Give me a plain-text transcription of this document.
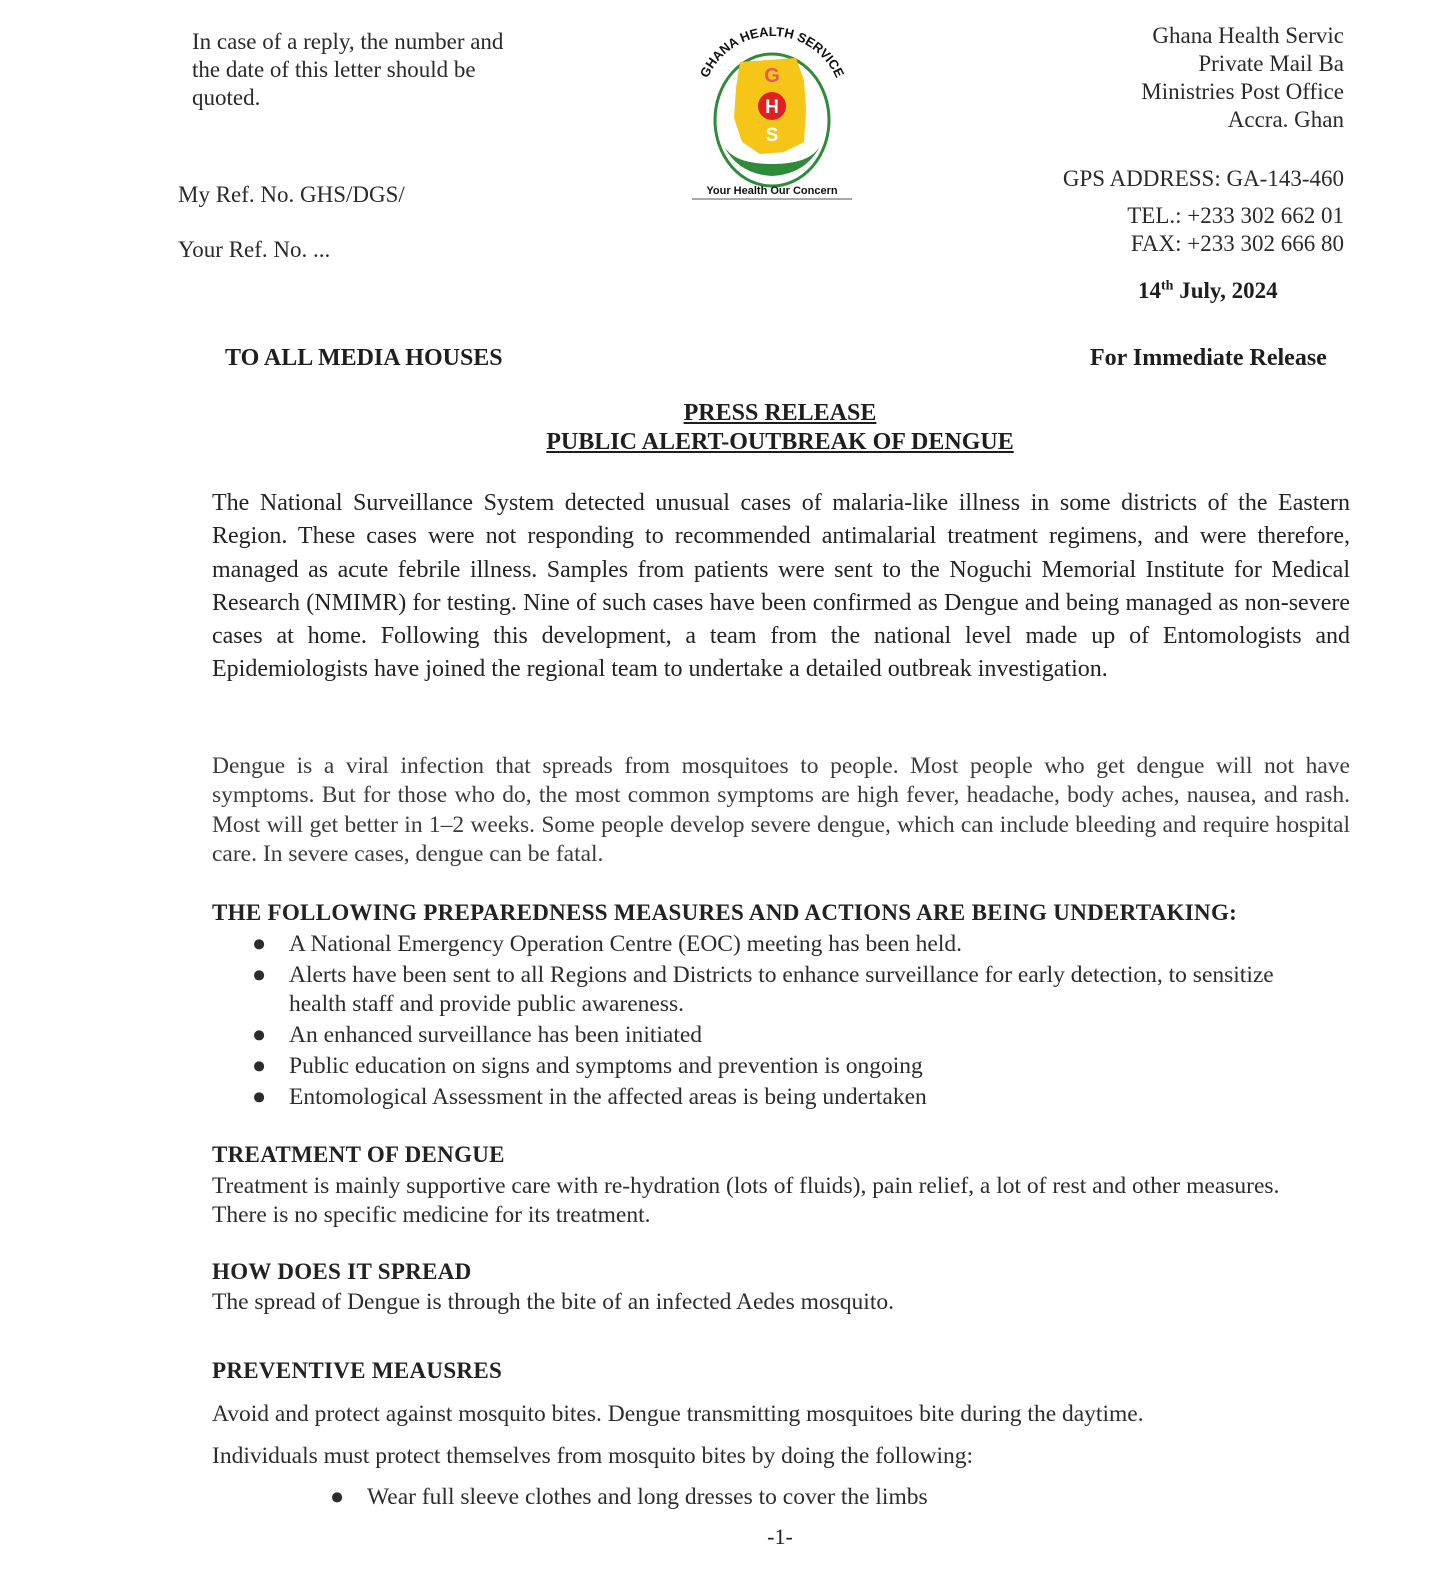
In case of a reply, the number and the date of this letter should be quoted.
My Ref. No. GHS/DGS/
Your Ref. No. ...
GHANA HEALTH SERVICE
G
H
S
Your Health Our Concern
Ghana Health Servic
Private Mail Ba
Ministries Post Office
Accra. Ghan
GPS ADDRESS: GA-143-460
TEL.: +233 302 662 01
FAX: +233 302 666 80
14th July, 2024
TO ALL MEDIA HOUSES	For Immediate Release
PRESS RELEASE
PUBLIC ALERT-OUTBREAK OF DENGUE
The National Surveillance System detected unusual cases of malaria-like illness in some districts of the Eastern Region. These cases were not responding to recommended antimalarial treatment regimens, and were therefore, managed as acute febrile illness. Samples from patients were sent to the Noguchi Memorial Institute for Medical Research (NMIMR) for testing. Nine of such cases have been confirmed as Dengue and being managed as non-severe cases at home. Following this development, a team from the national level made up of Entomologists and Epidemiologists have joined the regional team to undertake a detailed outbreak investigation.
Dengue is a viral infection that spreads from mosquitoes to people. Most people who get dengue will not have symptoms. But for those who do, the most common symptoms are high fever, headache, body aches, nausea, and rash. Most will get better in 1–2 weeks. Some people develop severe dengue, which can include bleeding and require hospital care. In severe cases, dengue can be fatal.
THE FOLLOWING PREPAREDNESS MEASURES AND ACTIONS ARE BEING UNDERTAKING:
● A National Emergency Operation Centre (EOC) meeting has been held.
● Alerts have been sent to all Regions and Districts to enhance surveillance for early detection, to sensitize health staff and provide public awareness.
● An enhanced surveillance has been initiated
● Public education on signs and symptoms and prevention is ongoing
● Entomological Assessment in the affected areas is being undertaken
TREATMENT OF DENGUE
Treatment is mainly supportive care with re-hydration (lots of fluids), pain relief, a lot of rest and other measures. There is no specific medicine for its treatment.
HOW DOES IT SPREAD
The spread of Dengue is through the bite of an infected Aedes mosquito.
PREVENTIVE MEAUSRES
Avoid and protect against mosquito bites. Dengue transmitting mosquitoes bite during the daytime.
Individuals must protect themselves from mosquito bites by doing the following:
● Wear full sleeve clothes and long dresses to cover the limbs
-1-
